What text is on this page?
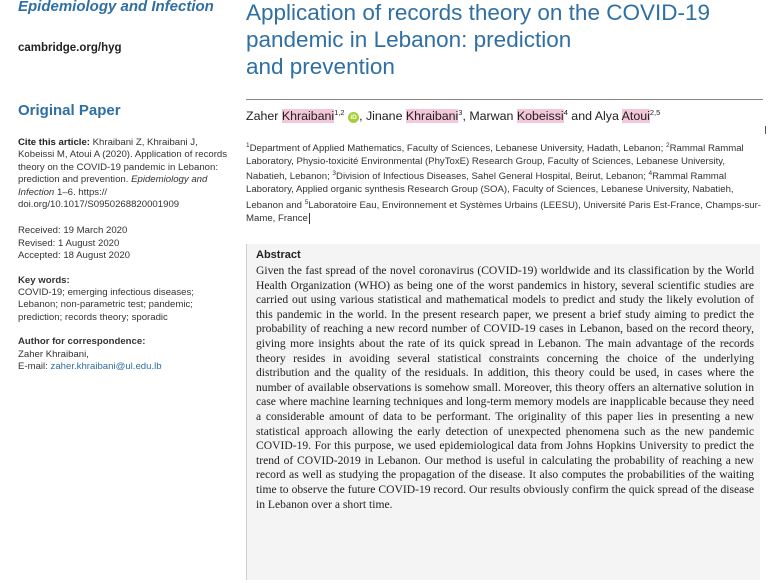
Epidemiology and Infection
cambridge.org/hyg
Original Paper
Cite this article: Khraibani Z, Khraibani J, Kobeissi M, Atoui A (2020). Application of records theory on the COVID-19 pandemic in Lebanon: prediction and prevention. Epidemiology and Infection 1–6. https:// doi.org/10.1017/S0950268820001909
Received: 19 March 2020
Revised: 1 August 2020
Accepted: 18 August 2020
Key words:
COVID-19; emerging infectious diseases; Lebanon; non-parametric test; pandemic; prediction; records theory; sporadic
Author for correspondence:
Zaher Khraibani,
E-mail: zaher.khraibani@ul.edu.lb
Application of records theory on the COVID-19
pandemic in Lebanon: prediction
and prevention
Zaher Khraibani$^{1,2}$ iD , Jinane Khraibani$^3$, Marwan Kobeissi$^4$ and Alya Atoui$^{2,5}$
$^1$Department of Applied Mathematics, Faculty of Sciences, Lebanese University, Hadath, Lebanon; $^2$Rammal Rammal Laboratory, Physio-toxicité Environmental (PhyToxE) Research Group, Faculty of Sciences, Lebanese University, Nabatieh, Lebanon; $^3$Division of Infectious Diseases, Sahel General Hospital, Beirut, Lebanon; $^4$Rammal Rammal Laboratory, Applied organic synthesis Research Group (SOA), Faculty of Sciences, Lebanese University, Nabatieh, Lebanon and $^5$Laboratoire Eau, Environnement et Systèmes Urbains (LEESU), Université Paris Est-France, Champs-sur-Mame, France
Abstract
Given the fast spread of the novel coronavirus (COVID-19) worldwide and its classification by the World Health Organization (WHO) as being one of the worst pandemics in history, several scientific studies are carried out using various statistical and mathematical models to predict and study the likely evolution of this pandemic in the world. In the present research paper, we present a brief study aiming to predict the probability of reaching a new record number of COVID-19 cases in Lebanon, based on the record theory, giving more insights about the rate of its quick spread in Lebanon. The main advantage of the records theory resides in avoiding several statistical constraints concerning the choice of the underlying distribution and the quality of the residuals. In addition, this theory could be used, in cases where the number of available observations is somehow small. Moreover, this theory offers an alternative solution in case where machine learning techniques and long-term memory models are inapplicable because they need a considerable amount of data to be performant. The originality of this paper lies in presenting a new statistical approach allowing the early detection of unexpected phenomena such as the new pandemic COVID-19. For this purpose, we used epidemiological data from Johns Hopkins University to predict the trend of COVID-2019 in Lebanon. Our method is useful in calculating the probability of reaching a new record as well as studying the propagation of the disease. It also computes the probabilities of the waiting time to observe the future COVID-19 record. Our results obviously confirm the quick spread of the disease in Lebanon over a short time.
